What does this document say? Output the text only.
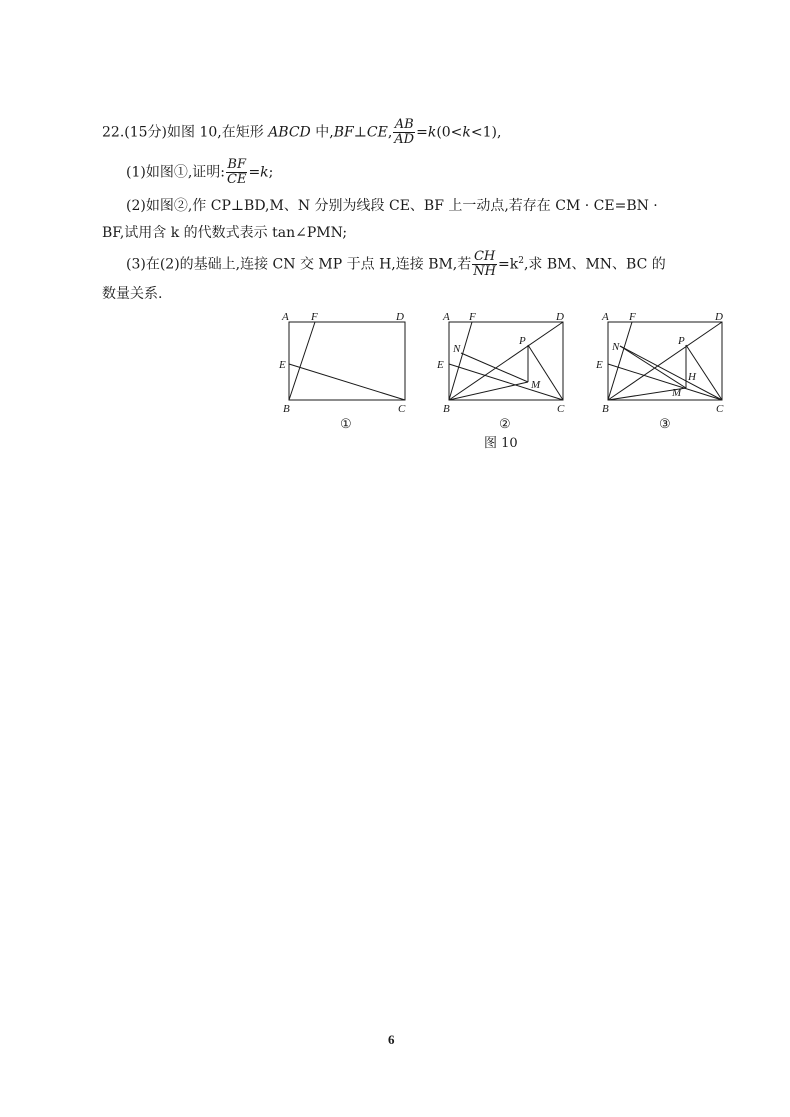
22.(15分)如图 10,在矩形 ABCD 中,BF⊥CE, $\frac{AB}{AD} =k(0<k<1)$,
(1)如图①,证明: $\frac{BF}{CE} =k$;
(2)如图②,作 CP⊥BD,M、N 分别为线段 CE、BF 上一动点,若存在 CM · CE=BN ·
BF,试用含 k 的代数式表示 tan∠PMN;
(3)在(2)的基础上,连接 CN 交 MP 于点 H,连接 BM,若 $\frac{CH}{NH} =k^2$,求 BM、MN、BC 的
数量关系.
A F	D
E
B	C
A F	D
N
P
E
M
B	C
A F	D
N	P
E
H
M
B	C
①	②	③
图 10
6
